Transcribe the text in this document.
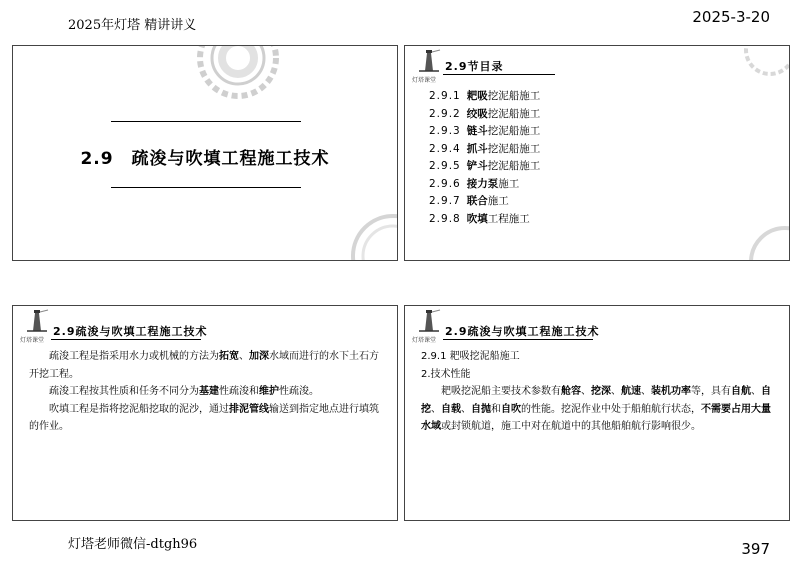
2025年灯塔 精讲讲义	2025-3-20
2.9　疏浚与吹填工程施工技术
灯塔课堂
2.9节目录
2.9.1 耙吸挖泥船施工
2.9.2 绞吸挖泥船施工
2.9.3 链斗挖泥船施工
2.9.4 抓斗挖泥船施工
2.9.5 铲斗挖泥船施工
2.9.6 接力泵施工
2.9.7 联合施工
2.9.8 吹填工程施工
灯塔课堂
2.9疏浚与吹填工程施工技术

疏浚工程是指采用水力或机械的方法为拓宽、加深水域而进行的水下土石方开挖工程。

疏浚工程按其性质和任务不同分为基建性疏浚和维护性疏浚。

吹填工程是指将挖泥船挖取的泥沙，通过排泥管线输送到指定地点进行填筑的作业。

灯塔课堂
2.9疏浚与吹填工程施工技术
2.9.1 耙吸挖泥船施工
2.技术性能

耙吸挖泥船主要技术参数有舱容、挖深、航速、装机功率等，具有自航、自挖、自载、自抛和自吹的性能。挖泥作业中处于船舶航行状态，不需要占用大量水域或封锁航道，施工中对在航道中的其他船舶航行影响很少。

灯塔老师微信-dtgh96	397
